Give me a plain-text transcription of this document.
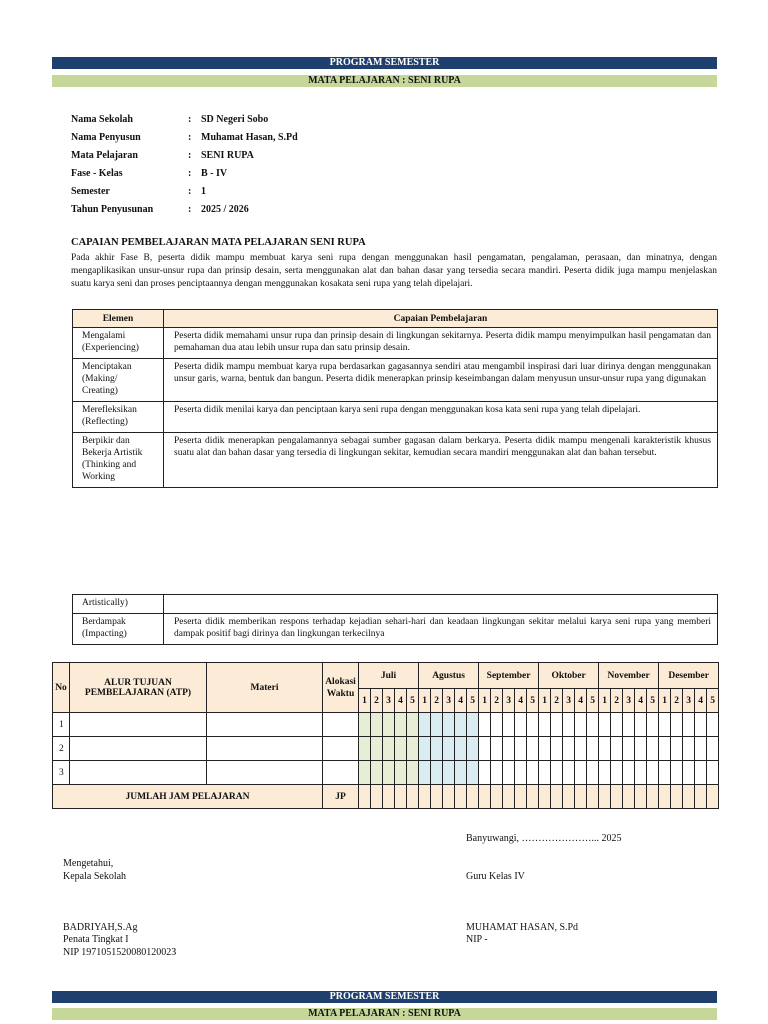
PROGRAM SEMESTER
MATA PELAJARAN : SENI RUPA
Nama Sekolah	:	SD Negeri Sobo
Nama Penyusun	:	Muhamat Hasan, S.Pd
Mata Pelajaran	:	SENI RUPA
Fase - Kelas	:	B - IV
Semester	:	1
Tahun Penyusunan	:	2025 / 2026
CAPAIAN PEMBELAJARAN MATA PELAJARAN SENI RUPA
Pada akhir Fase B, peserta didik mampu membuat karya seni rupa dengan menggunakan hasil pengamatan, pengalaman, perasaan, dan minatnya, dengan mengaplikasikan unsur-unsur rupa dan prinsip desain, serta menggunakan alat dan bahan dasar yang tersedia secara mandiri. Peserta didik juga mampu menjelaskan suatu karya seni dan proses penciptaannya dengan menggunakan kosakata seni rupa yang telah dipelajari.
Elemen	Capaian Pembelajaran
Mengalami (Experiencing)	Peserta didik memahami unsur rupa dan prinsip desain di lingkungan sekitarnya. Peserta didik mampu menyimpulkan hasil pengamatan dan pemahaman dua atau lebih unsur rupa dan satu prinsip desain.
Menciptakan (Making/ Creating)	Peserta didik mampu membuat karya rupa berdasarkan gagasannya sendiri atau mengambil inspirasi dari luar dirinya dengan menggunakan unsur garis, warna, bentuk dan bangun. Peserta didik menerapkan prinsip keseimbangan dalam menyusun unsur-unsur rupa yang digunakan
Merefleksikan (Reflecting)	Peserta didik menilai karya dan penciptaan karya seni rupa dengan menggunakan kosa kata seni rupa yang telah dipelajari.
Berpikir dan Bekerja Artistik (Thinking and Working	Peserta didik menerapkan pengalamannya sebagai sumber gagasan dalam berkarya. Peserta didik mampu mengenali karakteristik khusus suatu alat dan bahan dasar yang tersedia di lingkungan sekitar, kemudian secara mandiri menggunakan alat dan bahan tersebut.
Artistically)	
Berdampak (Impacting)	Peserta didik memberikan respons terhadap kejadian sehari-hari dan keadaan lingkungan sekitar melalui karya seni rupa yang memberi dampak positif bagi dirinya dan lingkungan terkecilnya
No	ALUR TUJUAN PEMBELAJARAN (ATP)	Materi	Alokasi Waktu	Juli					Agustus					September					Oktober					November					Desember				
				1	2	3	4	5	1	2	3	4	5	1	2	3	4	5	1	2	3	4	5	1	2	3	4	5	1	2	3	4	5
1																																	
2																																	
3																																	
JUMLAH JAM PELAJARAN			JP																														
Banyuwangi, …………………... 2025
Mengetahui,
Kepala Sekolah	Guru Kelas IV
BADRIYAH,S.Ag
Penata Tingkat I
NIP 197105152008012002З
MUHAMAT HASAN, S.Pd
NIP -
PROGRAM SEMESTER
MATA PELAJARAN : SENI RUPA
